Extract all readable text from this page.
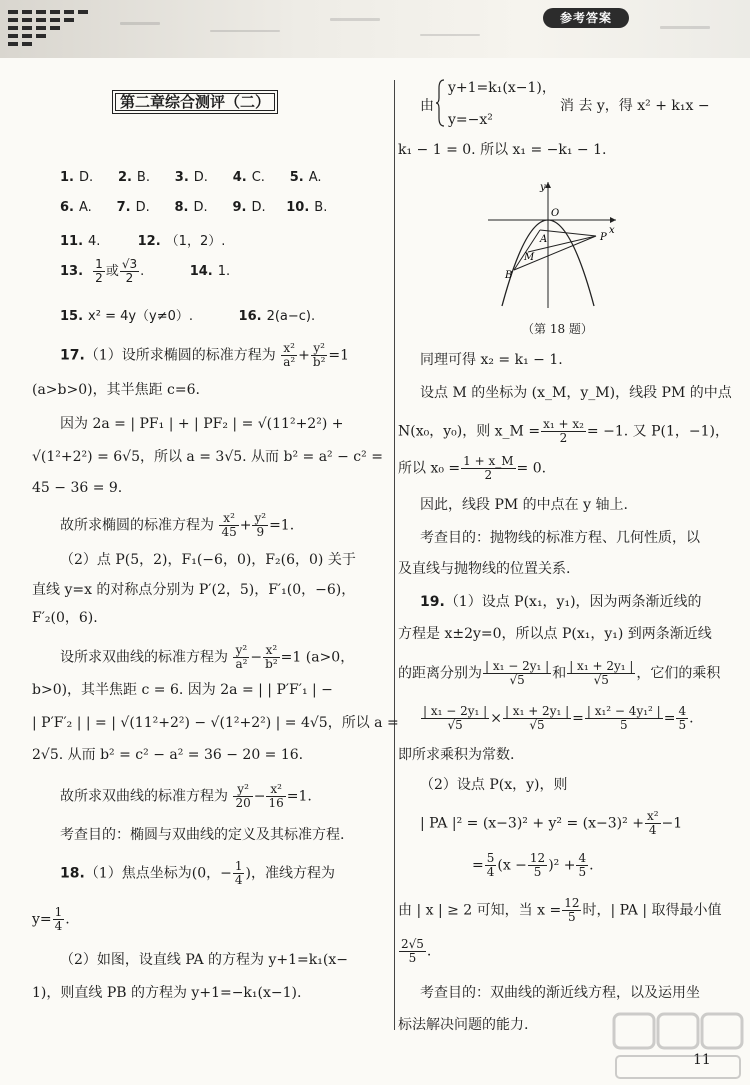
参考答案
第二章综合测评（二）
1. D. 2. B. 3. D. 4. C. 5. A.
6. A. 7. D. 8. D. 9. D. 10. B.
11. 4.	12. （1，2）.
13. $\frac{1}{2}$ 或 $\frac{√3}{2}$ .	14. 1.
15. x² = 4y（y≠0）.	16. 2(a−c).
17.（1）设所求椭圆的标准方程为 $\frac{\text{x²}}{\text{a²}} + \frac{\text{y²}}{\text{b²}} =1$
(a>b>0)，其半焦距 c=6.
因为 2a = | PF₁ | + | PF₂ | = √(11²+2²) +
√(1²+2²) = 6√5，所以 a = 3√5. 从而 b² = a² − c² =
45 − 36 = 9.
故所求椭圆的标准方程为 $\frac{\text{x²}}{45} + \frac{\text{y²}}{9} =1$.
（2）点 P(5，2)，F₁(−6，0)，F₂(6，0) 关于
直线 y=x 的对称点分别为 P′(2，5)，F′₁(0，−6)，
F′₂(0，6).
设所求双曲线的标准方程为 $\frac{\text{y²}}{\text{a²}} - \frac{\text{x²}}{\text{b²}} =1$ (a>0，
b>0)，其半焦距 c = 6. 因为 2a = | | P′F′₁ | −
| P′F′₂ | | = | √(11²+2²) − √(1²+2²) | = 4√5，所以 a =
2√5. 从而 b² = c² − a² = 36 − 20 = 16.
故所求双曲线的标准方程为 $\frac{\text{y²}}{20} - \frac{\text{x²}}{16} =1$.
考查目的：椭圆与双曲线的定义及其标准方程.
18.（1）焦点坐标为(0，− $\frac{1}{4}$ )，准线方程为
$y= \frac{1}{4}$ .
（2）如图，设直线 PA 的方程为 y+1=k₁(x−
1)，则直线 PB 的方程为 y+1=−k₁(x−1).
由
y+1=k₁(x−1)，
y=−x²
消 去 y，得 x² + k₁x −
k₁ − 1 = 0. 所以 x₁ = −k₁ − 1.
y
O
x
A	P
M
B
（第 18 题）
同理可得 x₂ = k₁ − 1.
设点 M 的坐标为 (x_M，y_M)，线段 PM 的中点
N(x₀，y₀)，则 x_M = $\frac{\text{x₁ + x₂}}{2} = -1$. 又 P(1，−1)，
所以 $x_0 = \frac{1 + x\_M}{2} = 0$.
因此，线段 PM 的中点在 y 轴上.
考查目的：抛物线的标准方程、几何性质，以
及直线与抛物线的位置关系.
19.（1）设点 P(x₁，y₁)，因为两条渐近线的
方程是 x±2y=0，所以点 P(x₁，y₁) 到两条渐近线
的距离分别为 $\frac{\text{| x₁ − 2y₁ |}}{√5}$ 和 $\frac{\text{| x₁ + 2y₁ |}}{√5}$ ，它们的乘积
$\frac{\text{| x₁ − 2y₁ |}}{√5} \times \frac{\text{| x₁ + 2y₁ |}}{√5} = \frac{\text{| x₁² − 4y₁² |}}{5} = \frac{4}{5}$ .
即所求乘积为常数.
（2）设点 P(x，y)，则
| PA $|^2 = (x-3)^2 + y^2 = (x-3)^2 + \frac{\text{x²}}{4} -1$
= $\frac{5}{4} (x - \frac{12}{5} )^2 + \frac{4}{5}$ .
由 | x | ≥ 2 可知，当 $x = \frac{12}{5}$ 时，| PA | 取得最小值
$\frac{2√5}{5}$ .
考查目的：双曲线的渐近线方程，以及运用坐
标法解决问题的能力.
11
